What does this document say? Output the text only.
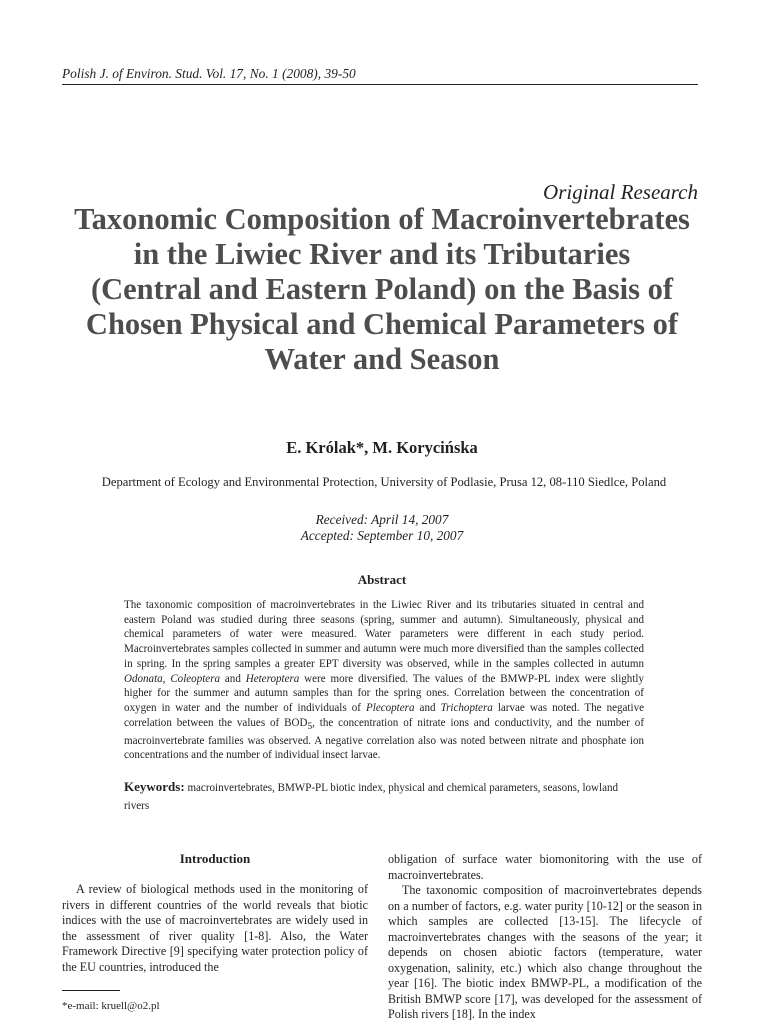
Polish J. of Environ. Stud. Vol. 17, No. 1 (2008), 39-50
Original Research
Taxonomic Composition of Macroinvertebrates
in the Liwiec River and its Tributaries
(Central and Eastern Poland) on the Basis of
Chosen Physical and Chemical Parameters of
Water and Season
E. Królak*, M. Korycińska
Department of Ecology and Environmental Protection, University of Podlasie, Prusa 12, 08-110 Siedlce, Poland
Received: April 14, 2007
Accepted: September 10, 2007
Abstract
The taxonomic composition of macroinvertebrates in the Liwiec River and its tributaries situated in central and eastern Poland was studied during three seasons (spring, summer and autumn). Simultaneously, physical and chemical parameters of water were measured. Water parameters were different in each study period. Macroinvertebrates samples collected in summer and autumn were much more diversified than the samples collected in spring. In the spring samples a greater EPT diversity was observed, while in the samples collected in autumn Odonata, Coleoptera and Heteroptera were more diversified. The values of the BMWP-PL index were slightly higher for the summer and autumn samples than for the spring ones. Correlation between the concentration of oxygen in water and the number of individuals of Plecoptera and Trichoptera larvae was noted. The negative correlation between the values of $BOD_5$, the concentration of nitrate ions and conductivity, and the number of macroinvertebrate families was observed. A negative correlation also was noted between nitrate and phosphate ion concentrations and the number of individual insect larvae.
Keywords: macroinvertebrates, BMWP-PL biotic index, physical and chemical parameters, seasons, lowland rivers
Introduction
A review of biological methods used in the monitoring of rivers in different countries of the world reveals that biotic indices with the use of macroinvertebrates are widely used in the assessment of river quality [1-8]. Also, the Water Framework Directive [9] specifying water protection policy of the EU countries, introduced the
*e-mail: kruell@o2.pl

obligation of surface water biomonitoring with the use of macroinvertebrates.

The taxonomic composition of macroinvertebrates depends on a number of factors, e.g. water purity [10-12] or the season in which samples are collected [13-15]. The lifecycle of macroinvertebrates changes with the seasons of the year; it depends on chosen abiotic factors (temperature, water oxygenation, salinity, etc.) which also change throughout the year [16]. The biotic index BMWP-PL, a modification of the British BMWP score [17], was developed for the assessment of Polish rivers [18]. In the index
